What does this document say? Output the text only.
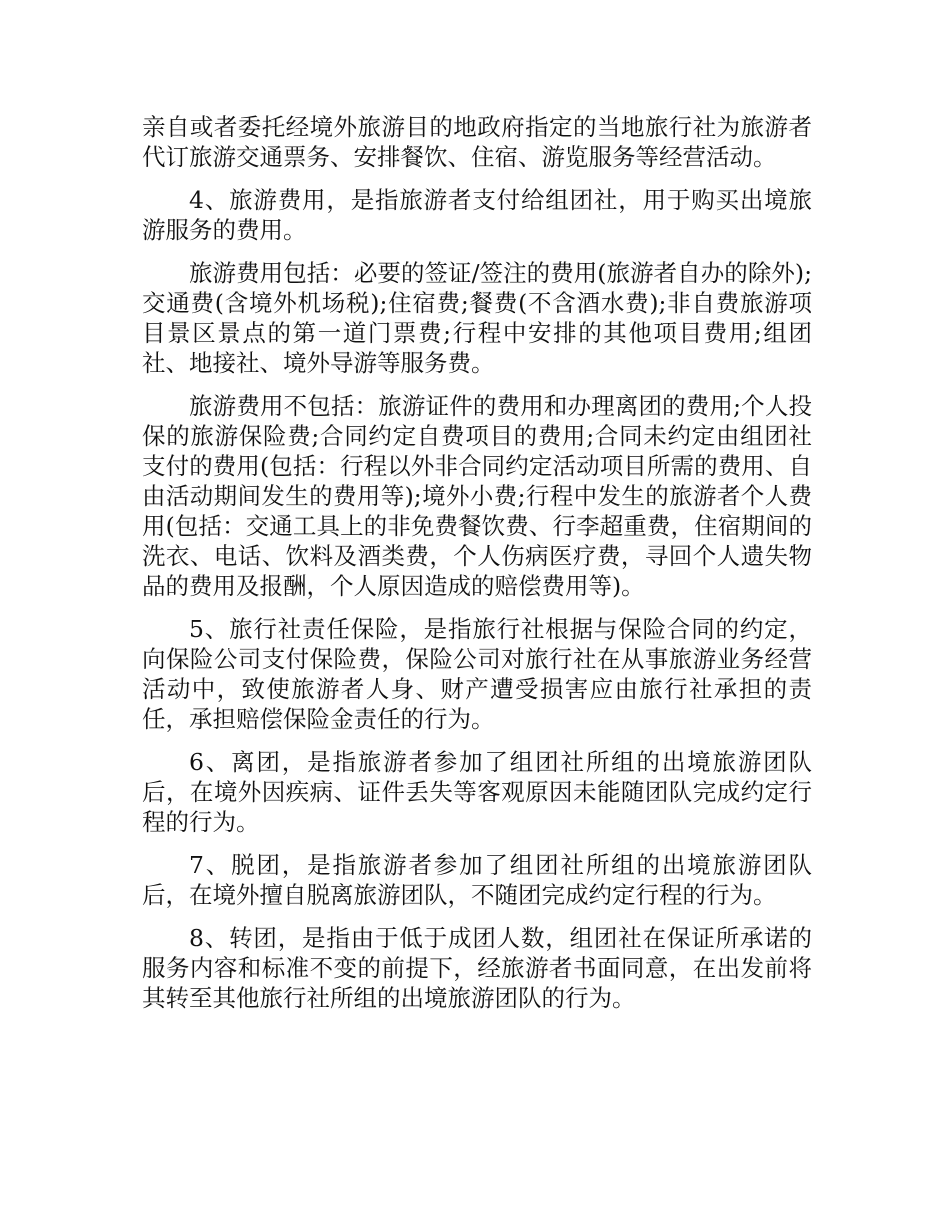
亲自或者委托经境外旅游目的地政府指定的当地旅行社为旅游者代订旅游交通票务、安排餐饮、住宿、游览服务等经营活动。

4、旅游费用，是指旅游者支付给组团社，用于购买出境旅游服务的费用。

旅游费用包括：必要的签证/签注的费用(旅游者自办的除外);交通费(含境外机场税);住宿费;餐费(不含酒水费);非自费旅游项目景区景点的第一道门票费;行程中安排的其他项目费用;组团社、地接社、境外导游等服务费。

旅游费用不包括：旅游证件的费用和办理离团的费用;个人投保的旅游保险费;合同约定自费项目的费用;合同未约定由组团社支付的费用(包括：行程以外非合同约定活动项目所需的费用、自由活动期间发生的费用等);境外小费;行程中发生的旅游者个人费用(包括：交通工具上的非免费餐饮费、行李超重费，住宿期间的洗衣、电话、饮料及酒类费，个人伤病医疗费，寻回个人遗失物品的费用及报酬，个人原因造成的赔偿费用等)。

5、旅行社责任保险，是指旅行社根据与保险合同的约定，向保险公司支付保险费，保险公司对旅行社在从事旅游业务经营活动中，致使旅游者人身、财产遭受损害应由旅行社承担的责任，承担赔偿保险金责任的行为。

6、离团，是指旅游者参加了组团社所组的出境旅游团队后，在境外因疾病、证件丢失等客观原因未能随团队完成约定行程的行为。

7、脱团，是指旅游者参加了组团社所组的出境旅游团队后，在境外擅自脱离旅游团队，不随团完成约定行程的行为。

8、转团，是指由于低于成团人数，组团社在保证所承诺的服务内容和标准不变的前提下，经旅游者书面同意，在出发前将其转至其他旅行社所组的出境旅游团队的行为。
